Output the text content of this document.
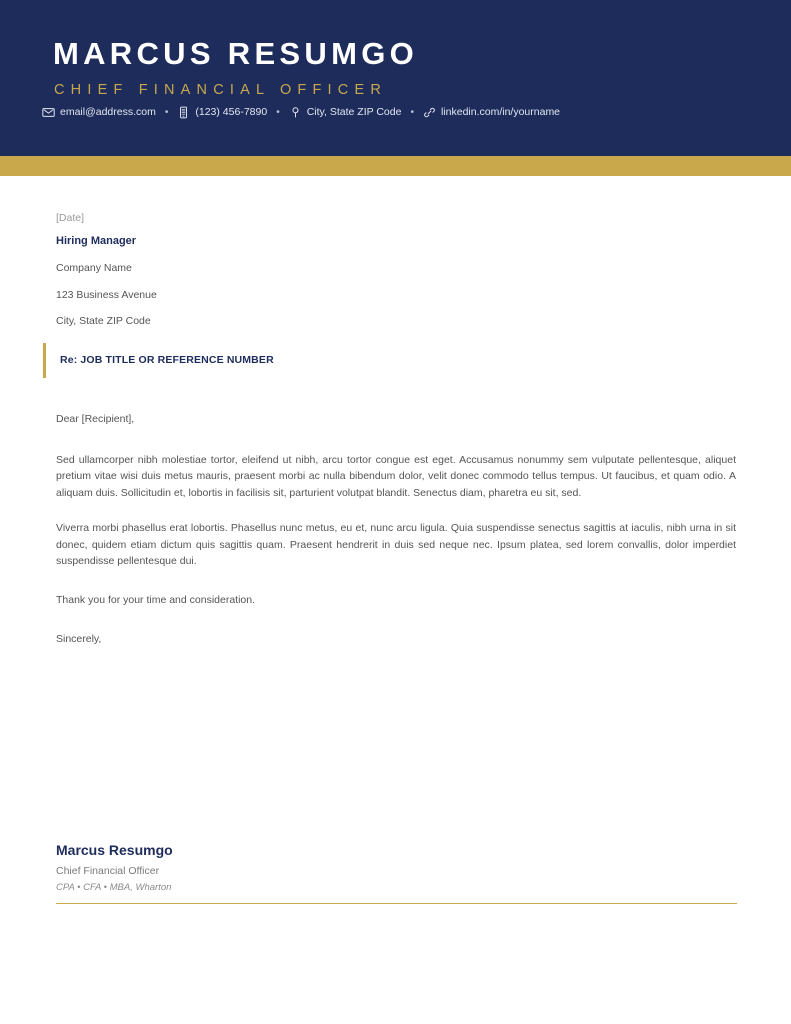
MARCUS RESUMGO
CHIEF FINANCIAL OFFICER
email@address.com •	(123) 456-7890 •	City, State ZIP Code •	linkedin.com/in/yourname
[Date]
Hiring Manager
Company Name
123 Business Avenue
City, State ZIP Code
Re: JOB TITLE OR REFERENCE NUMBER
Dear [Recipient],

Sed ullamcorper nibh molestiae tortor, eleifend ut nibh, arcu tortor congue est eget. Accusamus nonummy sem vulputate pellentesque, aliquet pretium vitae wisi duis metus mauris, praesent morbi ac nulla bibendum dolor, velit donec commodo tellus tempus. Ut faucibus, et quam odio. A aliquam duis. Sollicitudin et, lobortis in facilisis sit, parturient volutpat blandit. Senectus diam, pharetra eu sit, sed.

Viverra morbi phasellus erat lobortis. Phasellus nunc metus, eu et, nunc arcu ligula. Quia suspendisse senectus sagittis at iaculis, nibh urna in sit donec, quidem etiam dictum quis sagittis quam. Praesent hendrerit in duis sed neque nec. Ipsum platea, sed lorem convallis, dolor imperdiet suspendisse pellentesque dui.

Thank you for your time and consideration.

Sincerely,

Marcus Resumgo
Chief Financial Officer
CPA • CFA • MBA, Wharton
